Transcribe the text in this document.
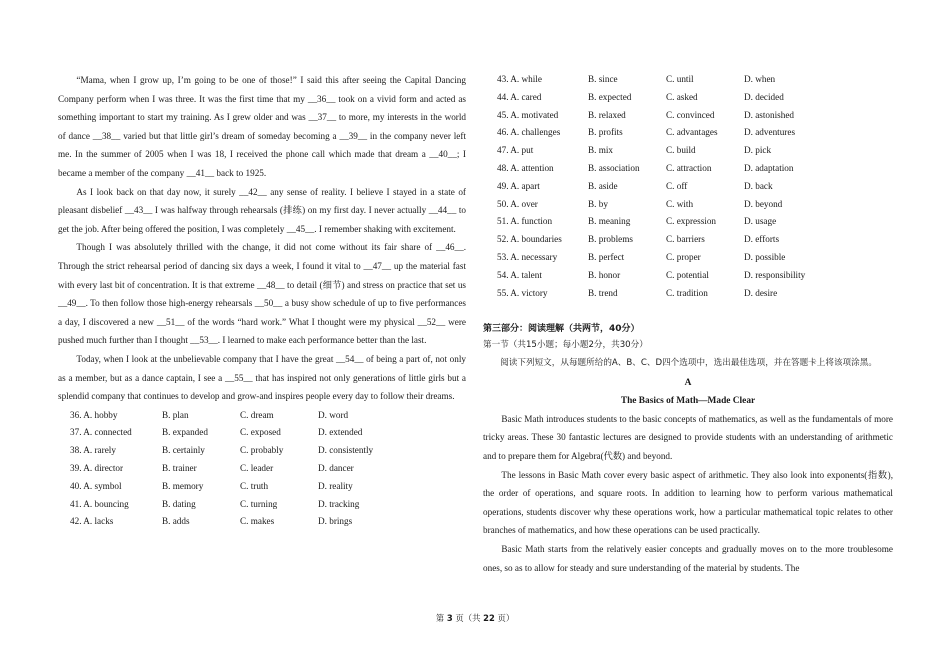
“Mama, when I grow up, I’m going to be one of those!” I said this after seeing the Capital Dancing Company perform when I was three. It was the first time that my __36__ took on a vivid form and acted as something important to start my training. As I grew older and was __37__ to more, my interests in the world of dance __38__ varied but that little girl’s dream of someday becoming a __39__ in the company never left me. In the summer of 2005 when I was 18, I received the phone call which made that dream a __40__; I became a member of the company __41__ back to 1925.

As I look back on that day now, it surely __42__ any sense of reality. I believe I stayed in a state of pleasant disbelief __43__ I was halfway through rehearsals (排练) on my first day. I never actually __44__ to get the job. After being offered the position, I was completely __45__. I remember shaking with excitement.

Though I was absolutely thrilled with the change, it did not come without its fair share of __46__. Through the strict rehearsal period of dancing six days a week, I found it vital to __47__ up the material fast with every last bit of concentration. It is that extreme __48__ to detail (细节) and stress on practice that set us __49__. To then follow those high-energy rehearsals __50__ a busy show schedule of up to five performances a day, I discovered a new __51__ of the words “hard work.” What I thought were my physical __52__ were pushed much further than I thought __53__. I learned to make each performance better than the last.

Today, when I look at the unbelievable company that I have the great __54__ of being a part of, not only as a member, but as a dance captain, I see a __55__ that has inspired not only generations of little girls but a splendid company that continues to develop and grow-and inspires people every day to follow their dreams.

36. A. hobby	B. plan	C. dream	D. word
37. A. connected	B. expanded	C. exposed	D. extended
38. A. rarely	B. certainly	C. probably	D. consistently
39. A. director	B. trainer	C. leader	D. dancer
40. A. symbol	B. memory	C. truth	D. reality
41. A. bouncing	B. dating	C. turning	D. tracking
42. A. lacks	B. adds	C. makes	D. brings
43. A. while	B. since	C. until	D. when
44. A. cared	B. expected	C. asked	D. decided
45. A. motivated	B. relaxed	C. convinced	D. astonished
46. A. challenges	B. profits	C. advantages	D. adventures
47. A. put	B. mix	C. build	D. pick
48. A. attention	B. association	C. attraction	D. adaptation
49. A. apart	B. aside	C. off	D. back
50. A. over	B. by	C. with	D. beyond
51. A. function	B. meaning	C. expression	D. usage
52. A. boundaries	B. problems	C. barriers	D. efforts
53. A. necessary	B. perfect	C. proper	D. possible
54. A. talent	B. honor	C. potential	D. responsibility
55. A. victory	B. trend	C. tradition	D. desire

第三部分：阅读理解（共两节，40分）

第一节（共15小题；每小题2分，共30分）

阅读下列短文，从每题所给的A、B、C、D四个选项中，选出最佳选项，并在答题卡上将该项涂黑。

A

The Basics of Math—Made Clear

Basic Math introduces students to the basic concepts of mathematics, as well as the fundamentals of more tricky areas. These 30 fantastic lectures are designed to provide students with an understanding of arithmetic and to prepare them for Algebra(代数) and beyond.

The lessons in Basic Math cover every basic aspect of arithmetic. They also look into exponents(指数), the order of operations, and square roots. In addition to learning how to perform various mathematical operations, students discover why these operations work, how a particular mathematical topic relates to other branches of mathematics, and how these operations can be used practically.

Basic Math starts from the relatively easier concepts and gradually moves on to the more troublesome ones, so as to allow for steady and sure understanding of the material by students. The

第 3 页（共 22 页）
